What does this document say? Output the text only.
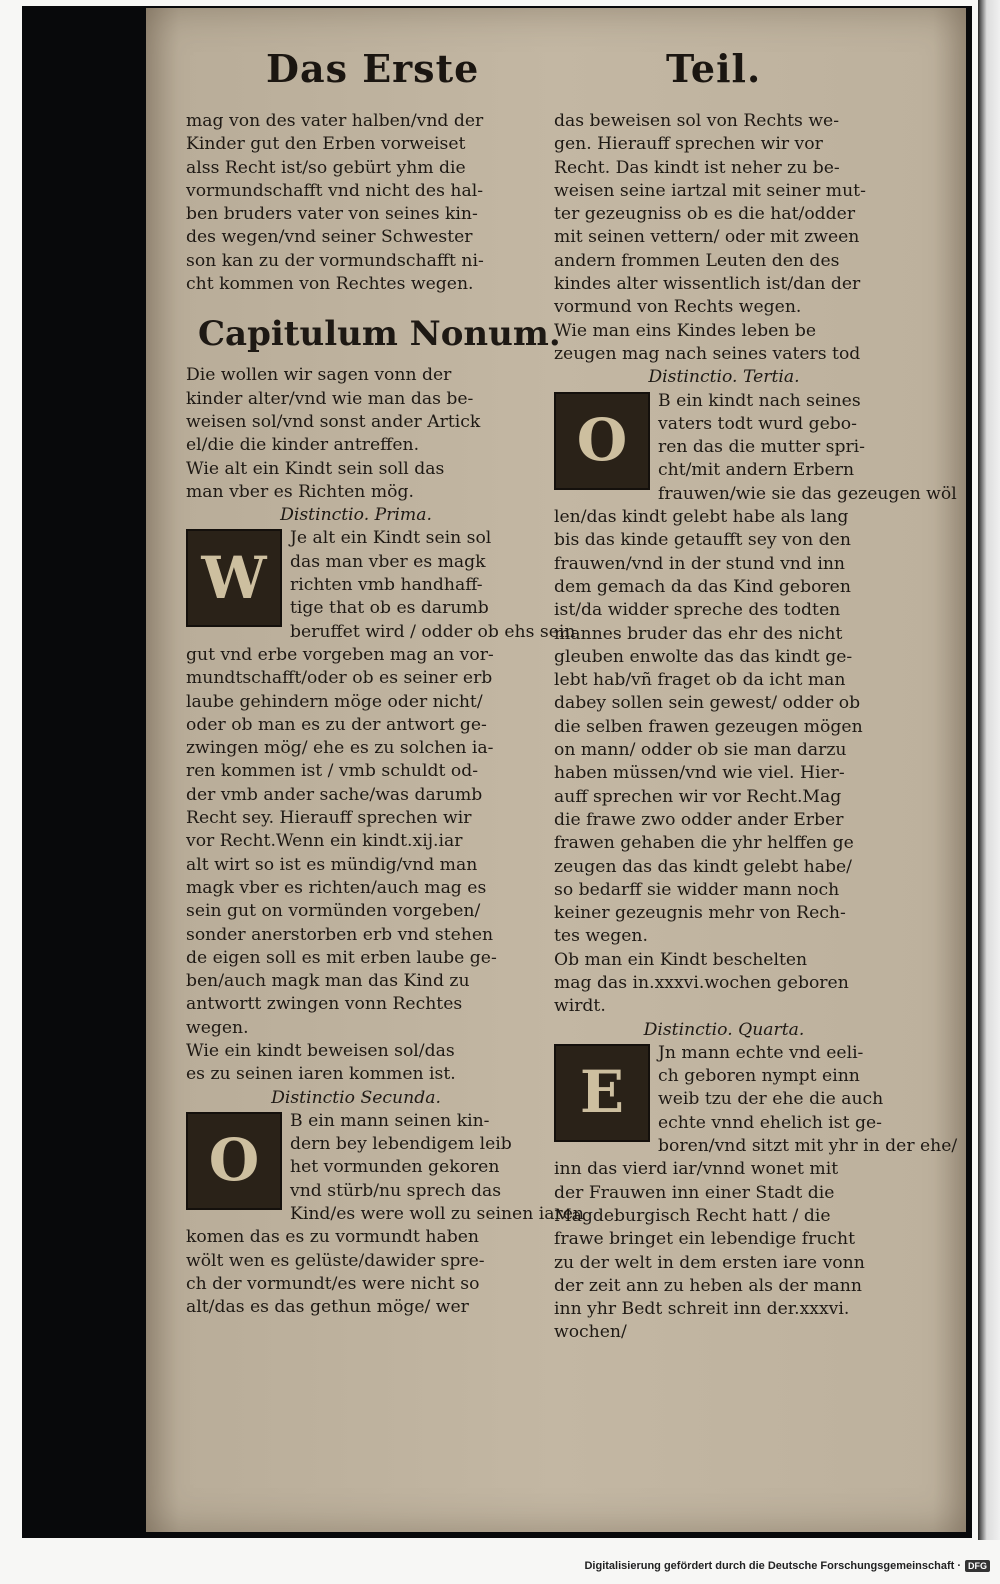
Das Erste	Teil.
mag von des vater halben/vnd der
Kinder gut den Erben vorweiset
alss Recht ist/so gebürt yhm die
vormundschafft vnd nicht des hal-
ben bruders vater von seines kin-
des wegen/vnd seiner Schwester
son kan zu der vormundschafft ni-
cht kommen von Rechtes wegen.
Capitulum Nonum.
Die wollen wir sagen vonn der
kinder alter/vnd wie man das be-
weisen sol/vnd sonst ander Artick
el/die die kinder antreffen.
Wie alt ein Kindt sein soll das
man vber es Richten mög.

Distinctio. Prima.

W
Je alt ein Kindt sein sol
das man vber es magk
richten vmb handhaff-
tige that ob es darumb
beruffet wird / odder ob ehs sein
gut vnd erbe vorgeben mag an vor-
mundtschafft/oder ob es seiner erb
laube gehindern möge oder nicht/
oder ob man es zu der antwort ge-
zwingen mög/ ehe es zu solchen ia-
ren kommen ist / vmb schuldt od-
der vmb ander sache/was darumb
Recht sey. Hierauff sprechen wir
vor Recht.Wenn ein kindt.xij.iar
alt wirt so ist es mündig/vnd man
magk vber es richten/auch mag es
sein gut on vormünden vorgeben/
sonder anerstorben erb vnd stehen
de eigen soll es mit erben laube ge-
ben/auch magk man das Kind zu
antwortt zwingen vonn Rechtes
wegen.
Wie ein kindt beweisen sol/das
es zu seinen iaren kommen ist.

Distinctio Secunda.

O
B ein mann seinen kin-
dern bey lebendigem leib
het vormunden gekoren
vnd stürb/nu sprech das
Kind/es were woll zu seinen iaren
komen das es zu vormundt haben
wölt wen es gelüste/dawider spre-
ch der vormundt/es were nicht so
alt/das es das gethun möge/ wer
das beweisen sol von Rechts we-
gen. Hierauff sprechen wir vor
Recht. Das kindt ist neher zu be-
weisen seine iartzal mit seiner mut-
ter gezeugniss ob es die hat/odder
mit seinen vettern/ oder mit zween
andern frommen Leuten den des
kindes alter wissentlich ist/dan der
vormund von Rechts wegen.
Wie man eins Kindes leben be
zeugen mag nach seines vaters tod

Distinctio. Tertia.

O
B ein kindt nach seines
vaters todt wurd gebo-
ren das die mutter spri-
cht/mit andern Erbern
frauwen/wie sie das gezeugen wöl
len/das kindt gelebt habe als lang
bis das kinde getaufft sey von den
frauwen/vnd in der stund vnd inn
dem gemach da das Kind geboren
ist/da widder spreche des todten
mannes bruder das ehr des nicht
gleuben enwolte das das kindt ge-
lebt hab/vñ fraget ob da icht man
dabey sollen sein gewest/ odder ob
die selben frawen gezeugen mögen
on mann/ odder ob sie man darzu
haben müssen/vnd wie viel. Hier-
auff sprechen wir vor Recht.Mag
die frawe zwo odder ander Erber
frawen gehaben die yhr helffen ge
zeugen das das kindt gelebt habe/
so bedarff sie widder mann noch
keiner gezeugnis mehr von Rech-
tes wegen.
Ob man ein Kindt beschelten
mag das in.xxxvi.wochen geboren
wirdt.

Distinctio. Quarta.

E
Jn mann echte vnd eeli-
ch geboren nympt einn
weib tzu der ehe die auch
echte vnnd ehelich ist ge-
boren/vnd sitzt mit yhr in der ehe/
inn das vierd iar/vnnd wonet mit
der Frauwen inn einer Stadt die
Magdeburgisch Recht hatt / die
frawe bringet ein lebendige frucht
zu der welt in dem ersten iare vonn
der zeit ann zu heben als der mann
inn yhr Bedt schreit inn der.xxxvi.
wochen/
Digitalisierung gefördert durch die Deutsche Forschungsgemeinschaft · DFG
